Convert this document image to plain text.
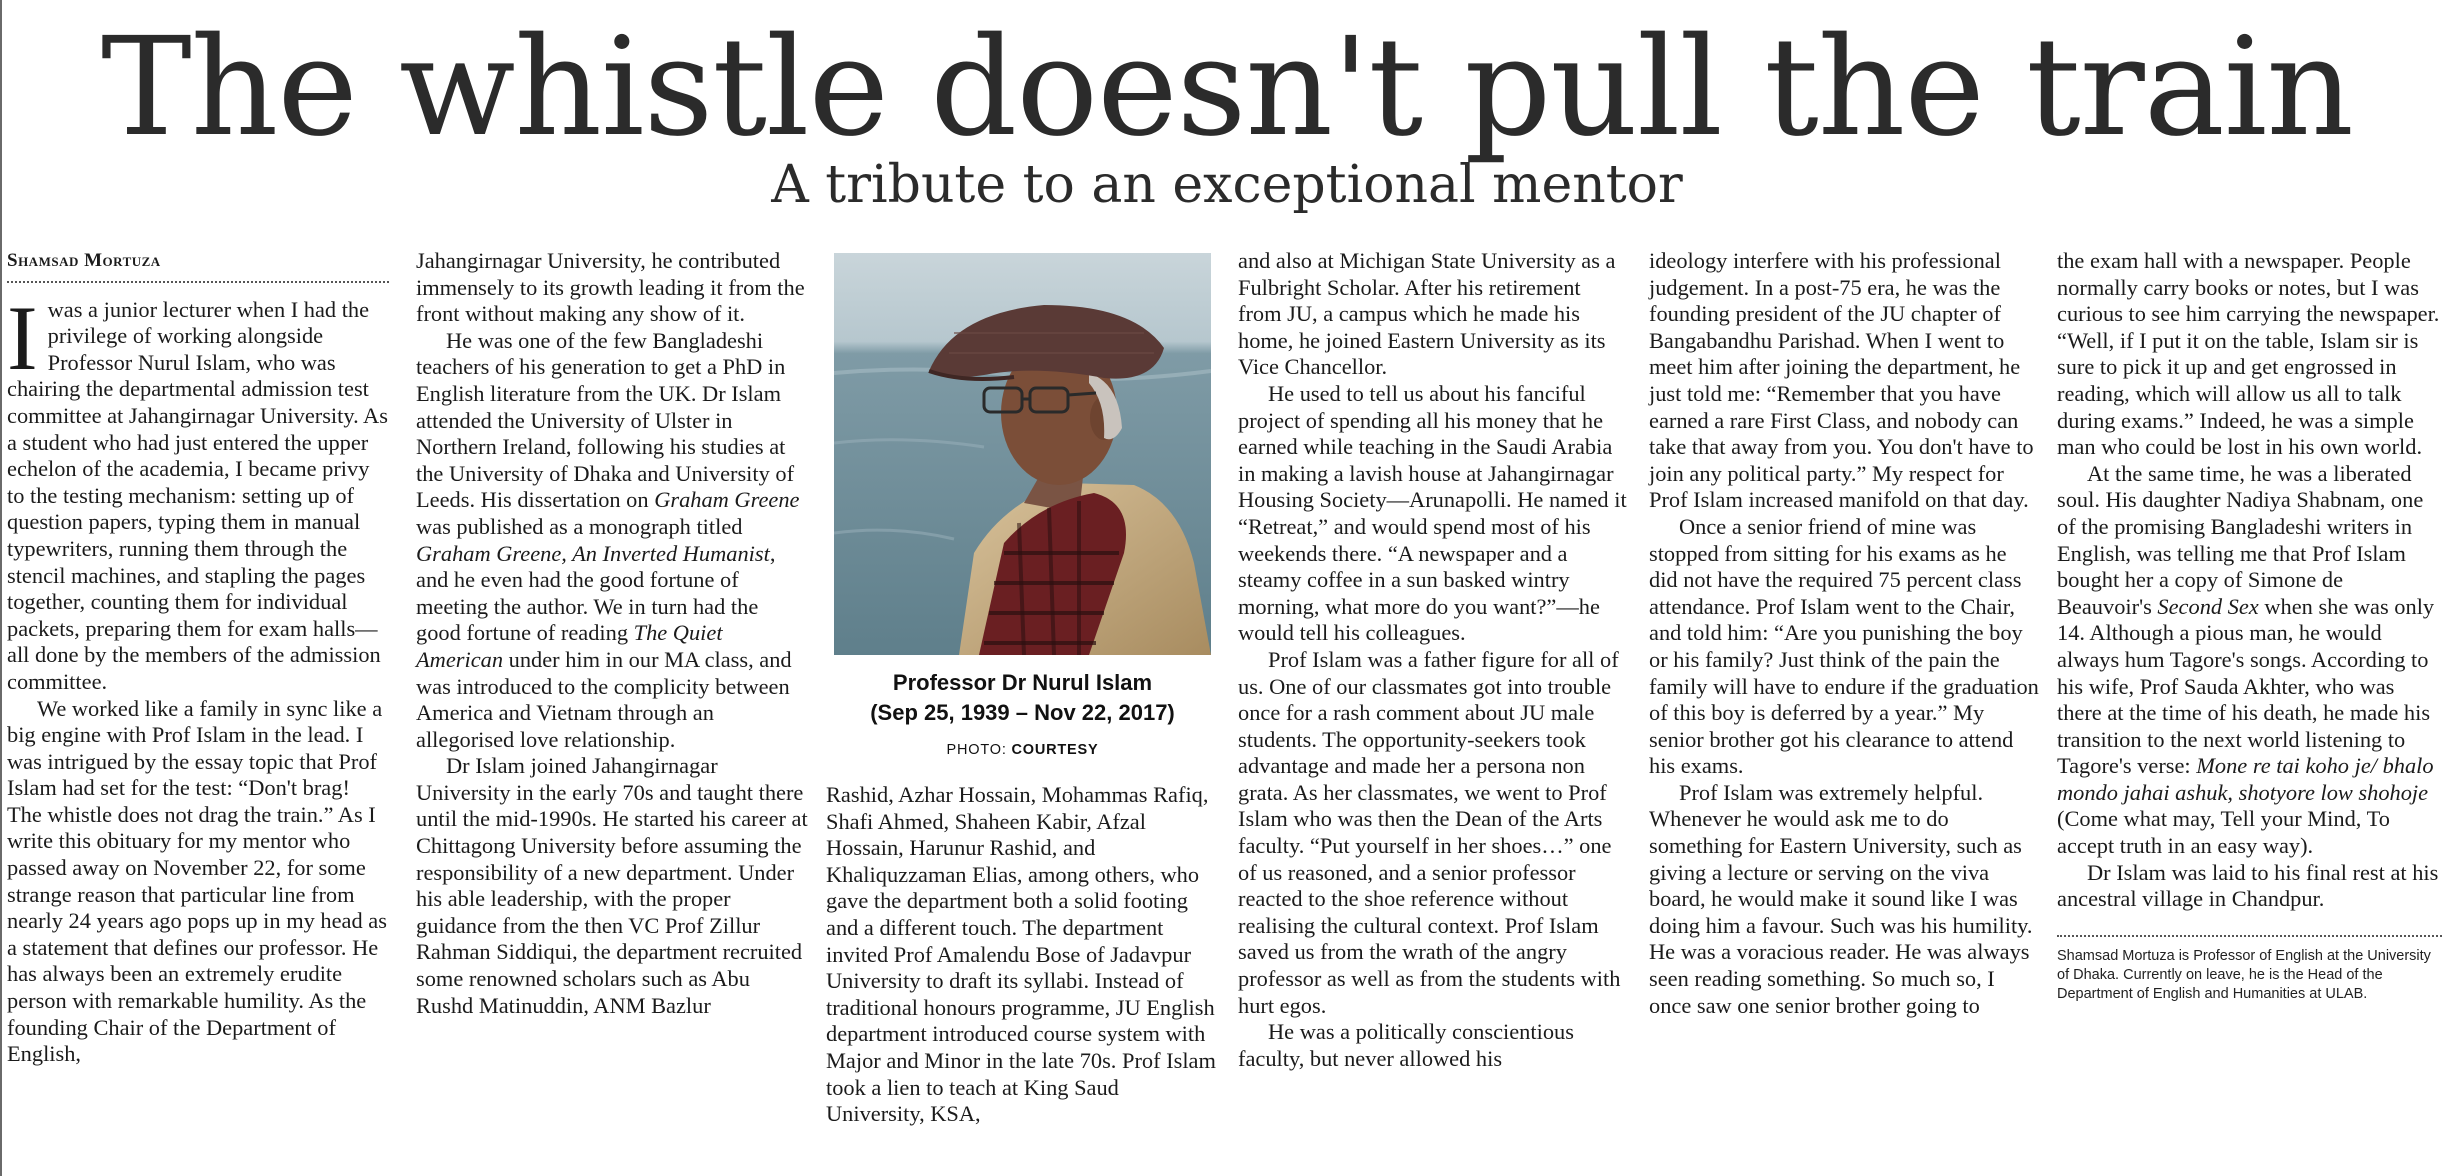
The whistle doesn't pull the train
A tribute to an exceptional mentor
Shamsad Mortuza

I was a junior lecturer when I had the privilege of working alongside Professor Nurul Islam, who was chairing the departmental admission test committee at Jahangirnagar University. As a student who had just entered the upper echelon of the academia, I became privy to the testing mechanism: setting up of question papers, typing them in manual typewriters, running them through the stencil machines, and stapling the pages together, counting them for individual packets, preparing them for exam halls—all done by the members of the admission committee.

We worked like a family in sync like a big engine with Prof Islam in the lead. I was intrigued by the essay topic that Prof Islam had set for the test: “Don't brag! The whistle does not drag the train.” As I write this obituary for my mentor who passed away on November 22, for some strange reason that particular line from nearly 24 years ago pops up in my head as a statement that defines our professor. He has always been an extremely erudite person with remarkable humility. As the founding Chair of the Department of English,

Jahangirnagar University, he contributed immensely to its growth leading it from the front without making any show of it.

He was one of the few Bangladeshi teachers of his generation to get a PhD in English literature from the UK. Dr Islam attended the University of Ulster in Northern Ireland, following his studies at the University of Dhaka and University of Leeds. His dissertation on Graham Greene was published as a monograph titled Graham Greene, An Inverted Humanist, and he even had the good fortune of meeting the author. We in turn had the good fortune of reading The Quiet American under him in our MA class, and was introduced to the complicity between America and Vietnam through an allegorised love relationship.

Dr Islam joined Jahangirnagar University in the early 70s and taught there until the mid-1990s. He started his career at Chittagong University before assuming the responsibility of a new department. Under his able leadership, with the proper guidance from the then VC Prof Zillur Rahman Siddiqui, the department recruited some renowned scholars such as Abu Rushd Matinuddin, ANM Bazlur

Professor Dr Nurul Islam
(Sep 25, 1939 – Nov 22, 2017)
PHOTO: COURTESY

Rashid, Azhar Hossain, Mohammas Rafiq, Shafi Ahmed, Shaheen Kabir, Afzal Hossain, Harunur Rashid, and Khaliquzzaman Elias, among others, who gave the department both a solid footing and a different touch. The department invited Prof Amalendu Bose of Jadavpur University to draft its syllabi. Instead of traditional honours programme, JU English department introduced course system with Major and Minor in the late 70s. Prof Islam took a lien to teach at King Saud University, KSA,

and also at Michigan State University as a Fulbright Scholar. After his retirement from JU, a campus which he made his home, he joined Eastern University as its Vice Chancellor.

He used to tell us about his fanciful project of spending all his money that he earned while teaching in the Saudi Arabia in making a lavish house at Jahangirnagar Housing Society—Arunapolli. He named it “Retreat,” and would spend most of his weekends there. “A newspaper and a steamy coffee in a sun basked wintry morning, what more do you want?”—he would tell his colleagues.

Prof Islam was a father figure for all of us. One of our classmates got into trouble once for a rash comment about JU male students. The opportunity-seekers took advantage and made her a persona non grata. As her classmates, we went to Prof Islam who was then the Dean of the Arts faculty. “Put yourself in her shoes…” one of us reasoned, and a senior professor reacted to the shoe reference without realising the cultural context. Prof Islam saved us from the wrath of the angry professor as well as from the students with hurt egos.

He was a politically conscientious faculty, but never allowed his

ideology interfere with his professional judgement. In a post-75 era, he was the founding president of the JU chapter of Bangabandhu Parishad. When I went to meet him after joining the department, he just told me: “Remember that you have earned a rare First Class, and nobody can take that away from you. You don't have to join any political party.” My respect for Prof Islam increased manifold on that day.

Once a senior friend of mine was stopped from sitting for his exams as he did not have the required 75 percent class attendance. Prof Islam went to the Chair, and told him: “Are you punishing the boy or his family? Just think of the pain the family will have to endure if the graduation of this boy is deferred by a year.” My senior brother got his clearance to attend his exams.

Prof Islam was extremely helpful. Whenever he would ask me to do something for Eastern University, such as giving a lecture or serving on the viva board, he would make it sound like I was doing him a favour. Such was his humility. He was a voracious reader. He was always seen reading something. So much so, I once saw one senior brother going to

the exam hall with a newspaper. People normally carry books or notes, but I was curious to see him carrying the newspaper. “Well, if I put it on the table, Islam sir is sure to pick it up and get engrossed in reading, which will allow us all to talk during exams.” Indeed, he was a simple man who could be lost in his own world.

At the same time, he was a liberated soul. His daughter Nadiya Shabnam, one of the promising Bangladeshi writers in English, was telling me that Prof Islam bought her a copy of Simone de Beauvoir's Second Sex when she was only 14. Although a pious man, he would always hum Tagore's songs. According to his wife, Prof Sauda Akhter, who was there at the time of his death, he made his transition to the next world listening to Tagore's verse: Mone re tai koho je/ bhalo mondo jahai ashuk, shotyore low shohoje (Come what may, Tell your Mind, To accept truth in an easy way).

Dr Islam was laid to his final rest at his ancestral village in Chandpur.

Shamsad Mortuza is Professor of English at the University of Dhaka. Currently on leave, he is the Head of the Department of English and Humanities at ULAB.
